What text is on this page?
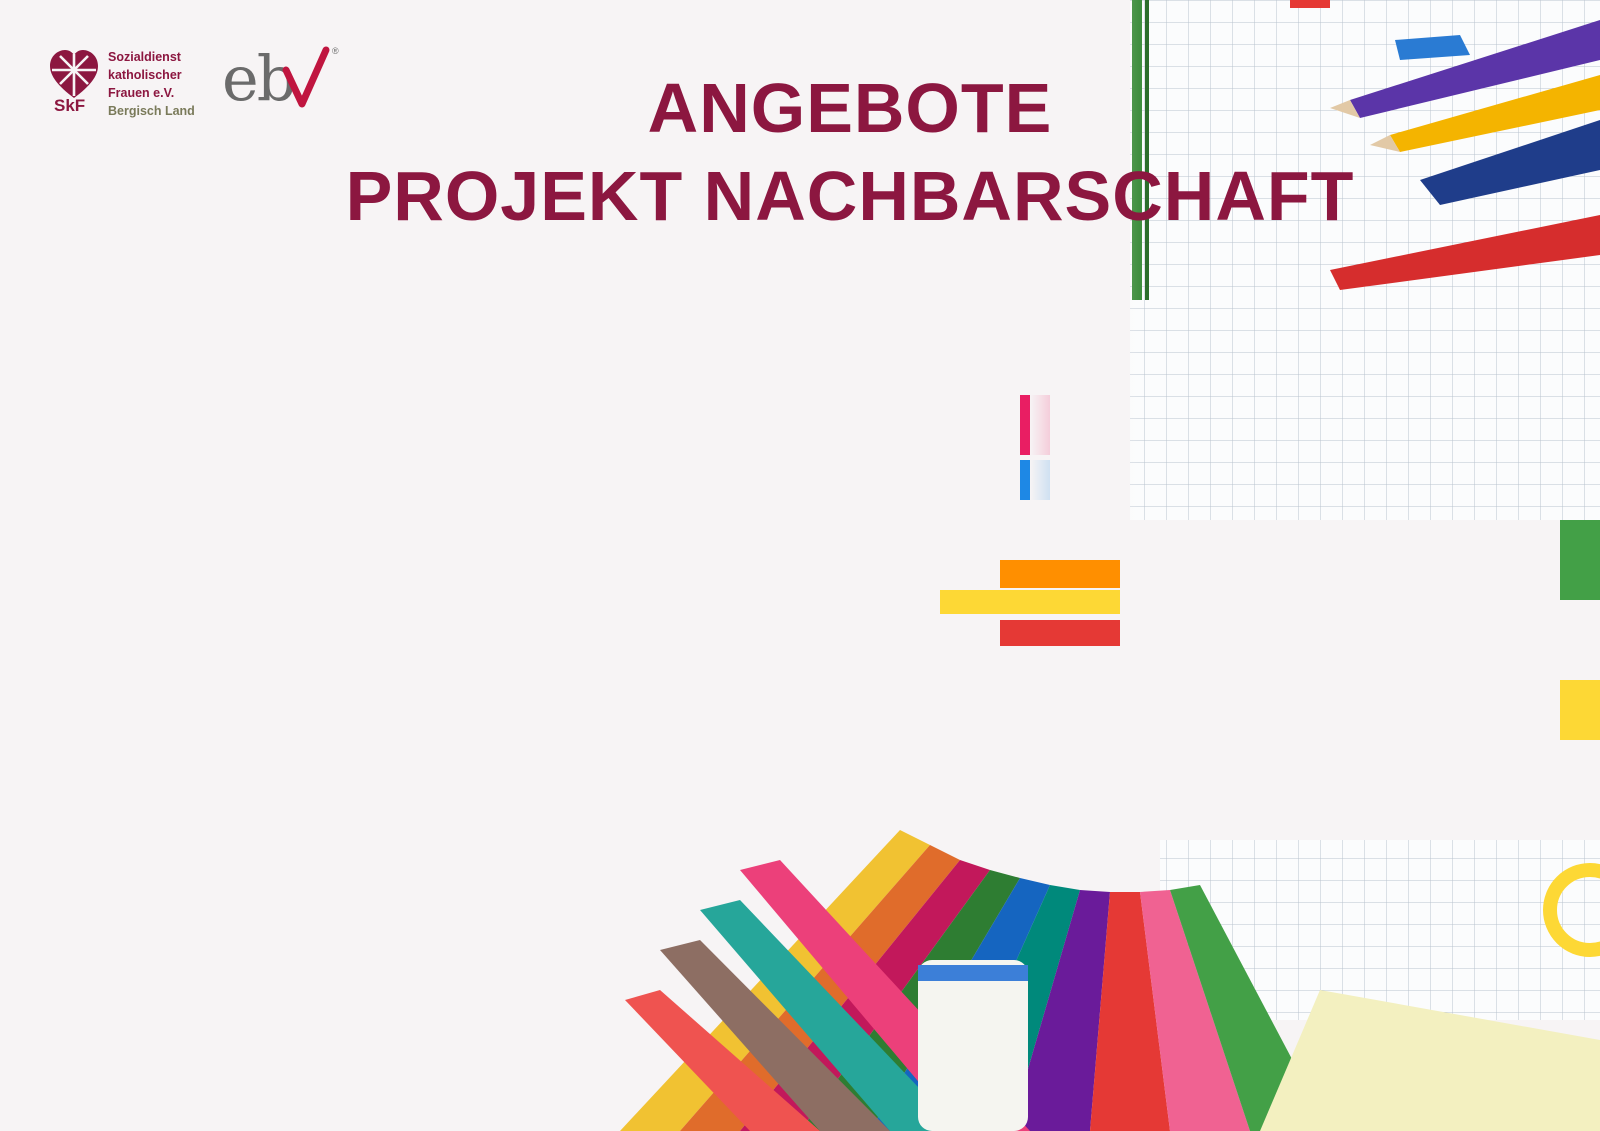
SkF
Sozialdienst
katholischer
Frauen e.V.
Bergisch Land eb	®
ANGEBOTE
PROJEKT NACHBARSCHAFT
